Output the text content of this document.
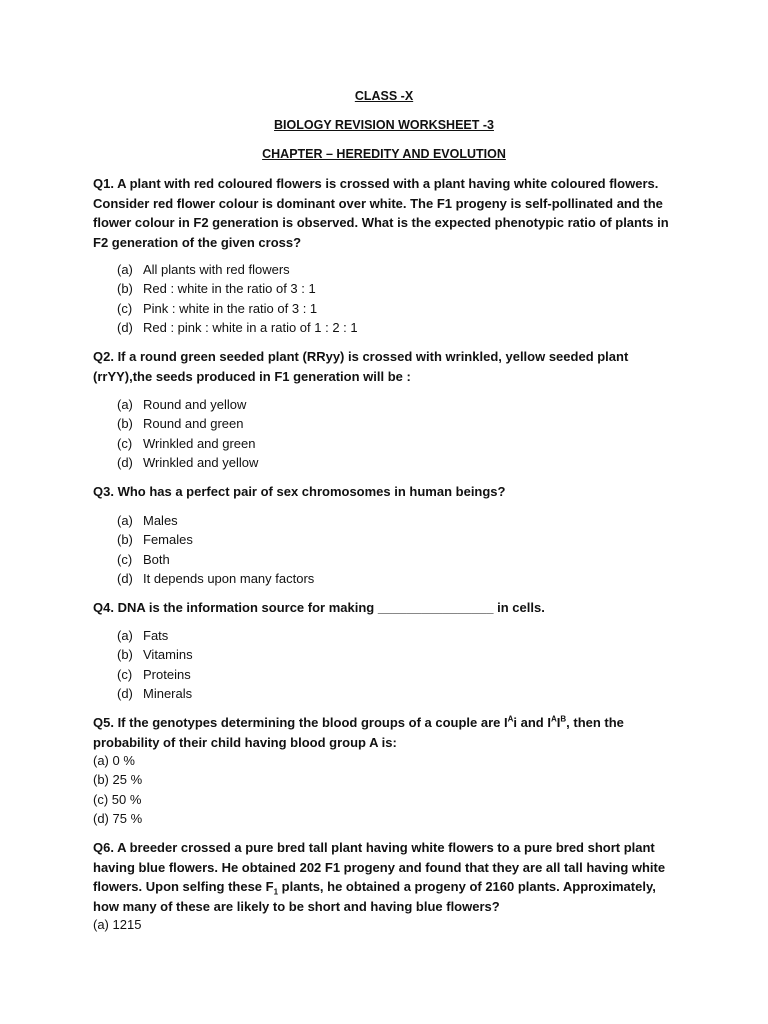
CLASS -X
BIOLOGY REVISION WORKSHEET -3
CHAPTER – HEREDITY AND EVOLUTION
Q1. A plant with red coloured flowers is crossed with a plant having white coloured flowers. Consider red flower colour is dominant over white. The F1 progeny is self-pollinated and the flower colour in F2 generation is observed. What is the expected phenotypic ratio of plants in F2 generation of the given cross?
(a) All plants with red flowers
(b) Red : white in the ratio of 3 : 1
(c) Pink : white in the ratio of 3 : 1
(d) Red : pink : white in a ratio of 1 : 2 : 1
Q2. If a round green seeded plant (RRyy) is crossed with wrinkled, yellow seeded plant (rrYY),the seeds produced in F1 generation will be :
(a) Round and yellow
(b) Round and green
(c) Wrinkled and green
(d) Wrinkled and yellow
Q3. Who has a perfect pair of sex chromosomes in human beings?
(a) Males
(b) Females
(c) Both
(d) It depends upon many factors
Q4. DNA is the information source for making ________________ in cells.
(a) Fats
(b) Vitamins
(c) Proteins
(d) Minerals
Q5. If the genotypes determining the blood groups of a couple are $I^Ai$ and $I^AI^B$, then the probability of their child having blood group A is:
(a) 0 %
(b) 25 %
(c) 50 %
(d) 75 %
Q6. A breeder crossed a pure bred tall plant having white flowers to a pure bred short plant having blue flowers. He obtained 202 F1 progeny and found that they are all tall having white flowers. Upon selfing these $F_1$ plants, he obtained a progeny of 2160 plants. Approximately, how many of these are likely to be short and having blue flowers?
(a) 1215
